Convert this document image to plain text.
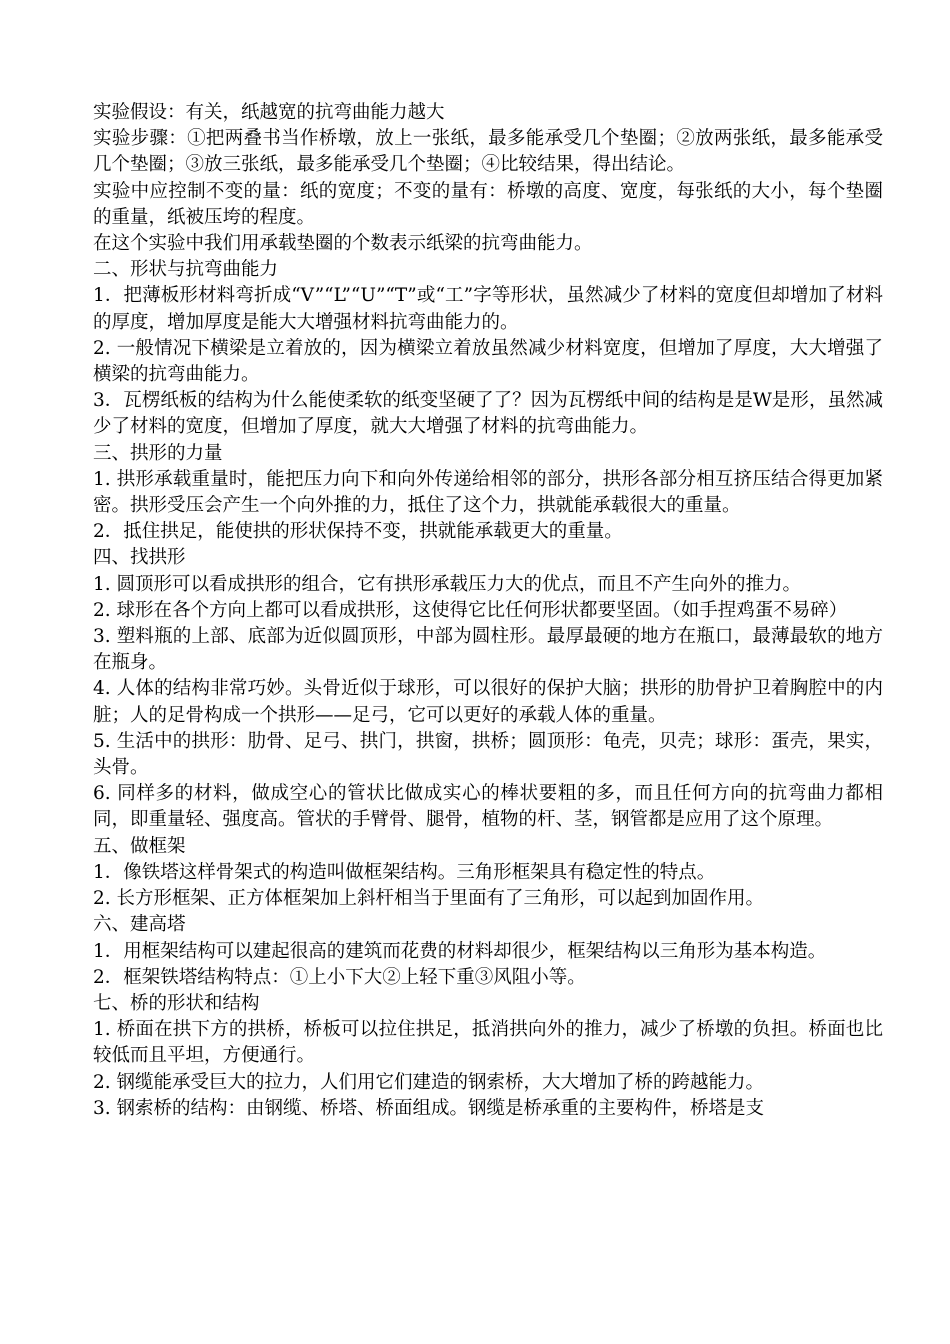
实验假设：有关，纸越宽的抗弯曲能力越大

实验步骤：①把两叠书当作桥墩，放上一张纸，最多能承受几个垫圈；②放两张纸，最多能承受几个垫圈；③放三张纸，最多能承受几个垫圈；④比较结果，得出结论。

实验中应控制不变的量：纸的宽度；不变的量有：桥墩的高度、宽度，每张纸的大小，每个垫圈的重量，纸被压垮的程度。

在这个实验中我们用承载垫圈的个数表示纸梁的抗弯曲能力。

二、形状与抗弯曲能力

1．把薄板形材料弯折成“V”“L”“U”“T”或“工”字等形状，虽然减少了材料的宽度但却增加了材料的厚度，增加厚度是能大大增强材料抗弯曲能力的。

2. 一般情况下横梁是立着放的，因为横梁立着放虽然减少材料宽度，但增加了厚度，大大增强了横梁的抗弯曲能力。

3．瓦楞纸板的结构为什么能使柔软的纸变坚硬了了？因为瓦楞纸中间的结构是是W是形，虽然减少了材料的宽度，但增加了厚度，就大大增强了材料的抗弯曲能力。

三、拱形的力量

1. 拱形承载重量时，能把压力向下和向外传递给相邻的部分，拱形各部分相互挤压结合得更加紧密。拱形受压会产生一个向外推的力，抵住了这个力，拱就能承载很大的重量。

2．抵住拱足，能使拱的形状保持不变，拱就能承载更大的重量。

四、找拱形

1. 圆顶形可以看成拱形的组合，它有拱形承载压力大的优点，而且不产生向外的推力。

2. 球形在各个方向上都可以看成拱形，这使得它比任何形状都要坚固。（如手捏鸡蛋不易碎）

3. 塑料瓶的上部、底部为近似圆顶形，中部为圆柱形。最厚最硬的地方在瓶口，最薄最软的地方在瓶身。

4. 人体的结构非常巧妙。头骨近似于球形，可以很好的保护大脑；拱形的肋骨护卫着胸腔中的内脏；人的足骨构成一个拱形——足弓，它可以更好的承载人体的重量。

5. 生活中的拱形：肋骨、足弓、拱门，拱窗，拱桥；圆顶形：龟壳，贝壳；球形：蛋壳，果实，头骨。

6. 同样多的材料，做成空心的管状比做成实心的棒状要粗的多，而且任何方向的抗弯曲力都相同，即重量轻、强度高。管状的手臂骨、腿骨，植物的杆、茎，钢管都是应用了这个原理。

五、做框架

1．像铁塔这样骨架式的构造叫做框架结构。三角形框架具有稳定性的特点。

2. 长方形框架、正方体框架加上斜杆相当于里面有了三角形，可以起到加固作用。

六、建高塔

1．用框架结构可以建起很高的建筑而花费的材料却很少，框架结构以三角形为基本构造。

2．框架铁塔结构特点：①上小下大②上轻下重③风阻小等。

七、桥的形状和结构

1. 桥面在拱下方的拱桥，桥板可以拉住拱足，抵消拱向外的推力，减少了桥墩的负担。桥面也比较低而且平坦，方便通行。

2. 钢缆能承受巨大的拉力，人们用它们建造的钢索桥，大大增加了桥的跨越能力。

3. 钢索桥的结构：由钢缆、桥塔、桥面组成。钢缆是桥承重的主要构件，桥塔是支
